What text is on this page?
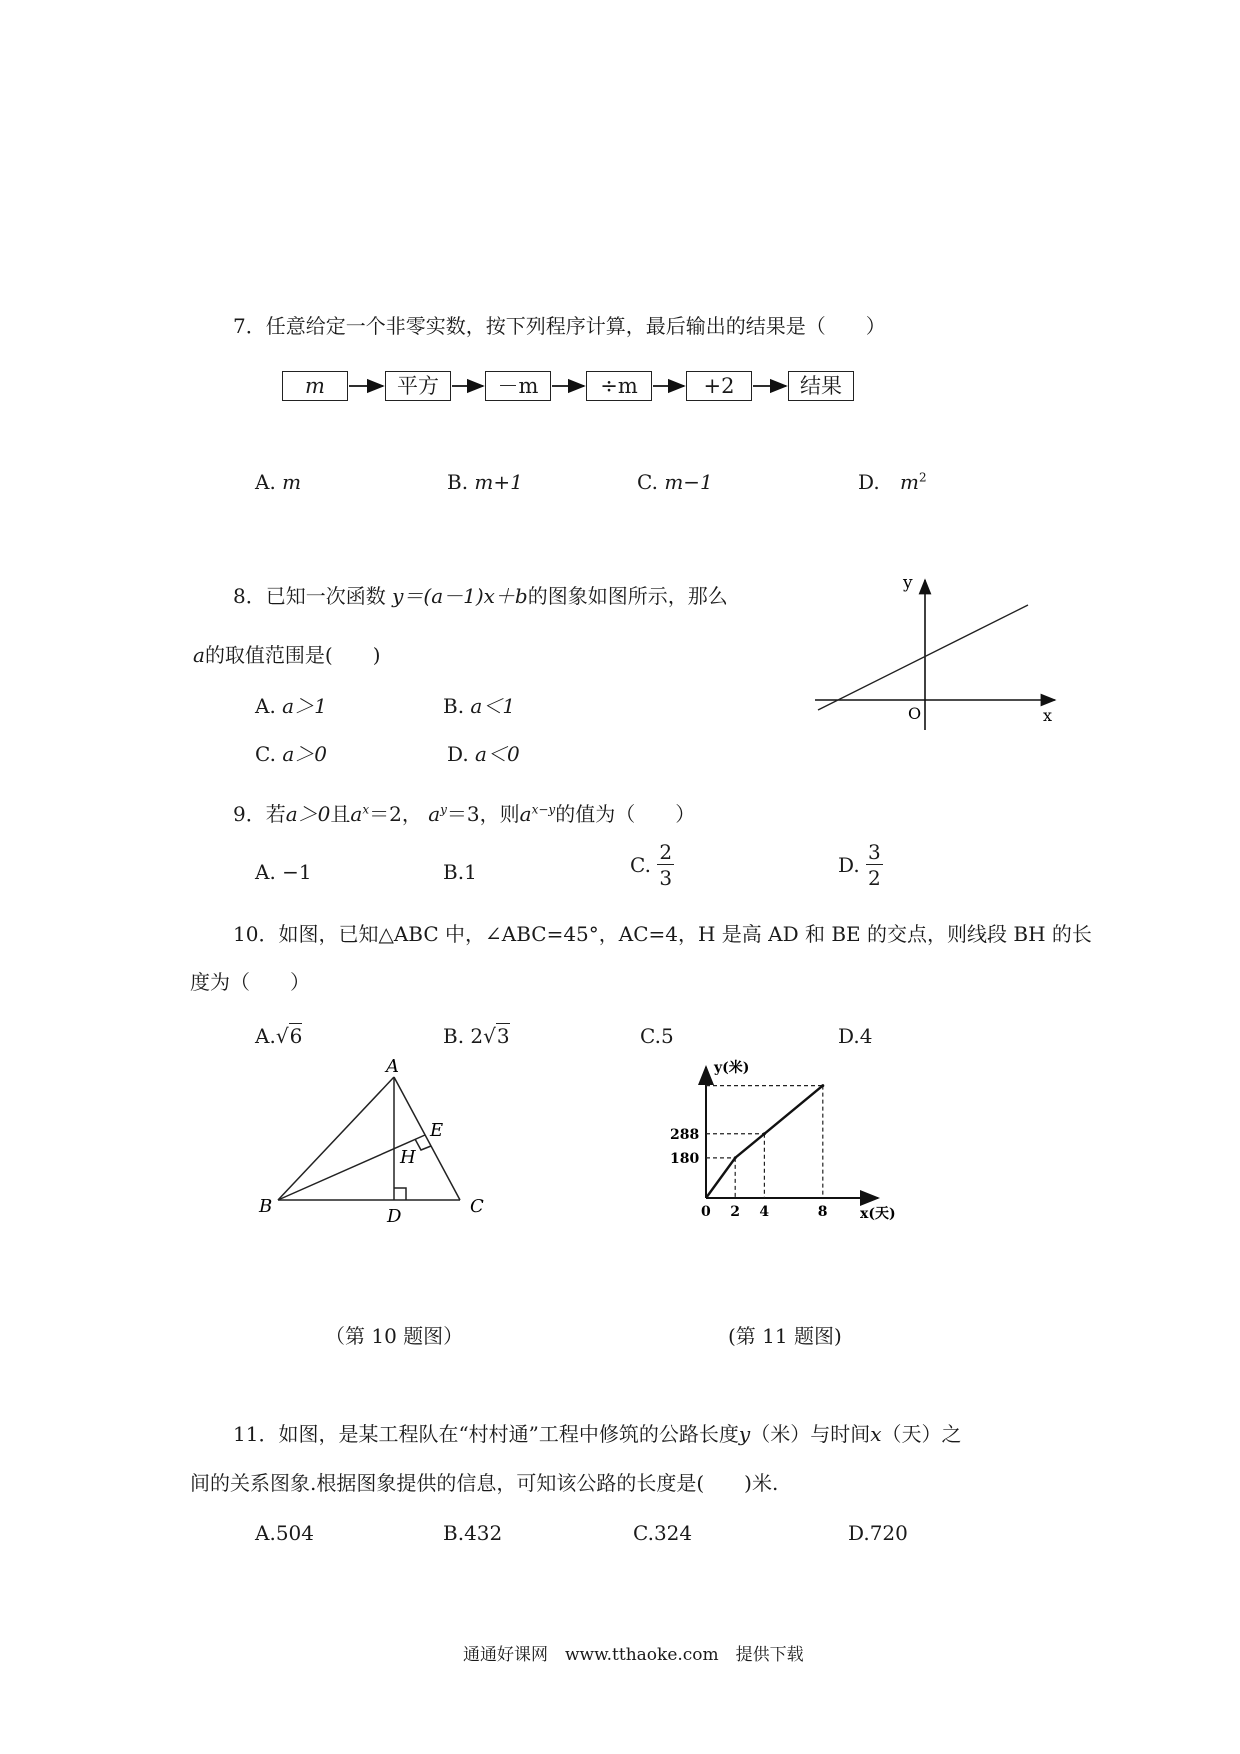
7．任意给定一个非零实数，按下列程序计算，最后输出的结果是（　　）
m	平方	－m	÷m	+2	结果
A. m	B. m+1	C. m−1	D. $m^2$
8．已知一次函数 y＝(a－1)x＋b的图象如图所示，那么
a的取值范围是(　　)
A. a＞1	B. a＜1
C. a＞0	D. a＜0
y
x
O
9．若a＞0且$a^x=2$， $a^y=3$，则$a^{x-y}$的值为（　　）
A. −1	B.1	C. $\frac{2}{3}$	D. $\frac{3}{2}$
10．如图，已知△ABC 中，∠ABC=45°，AC=4，H 是高 AD 和 BE 的交点，则线段 BH 的长
度为（　　）
A.√6	B. 2√3	C.5	D.4
A
B	C
D
E
H
0 2 4	8
180
288
y(米)
x(天)
（第 10 题图）	(第 11 题图)
11．如图，是某工程队在“村村通”工程中修筑的公路长度y（米）与时间x（天）之
间的关系图象.根据图象提供的信息，可知该公路的长度是(　　)米.
A.504	B.432	C.324	D.720
通通好课网　www.tthaoke.com　提供下载
